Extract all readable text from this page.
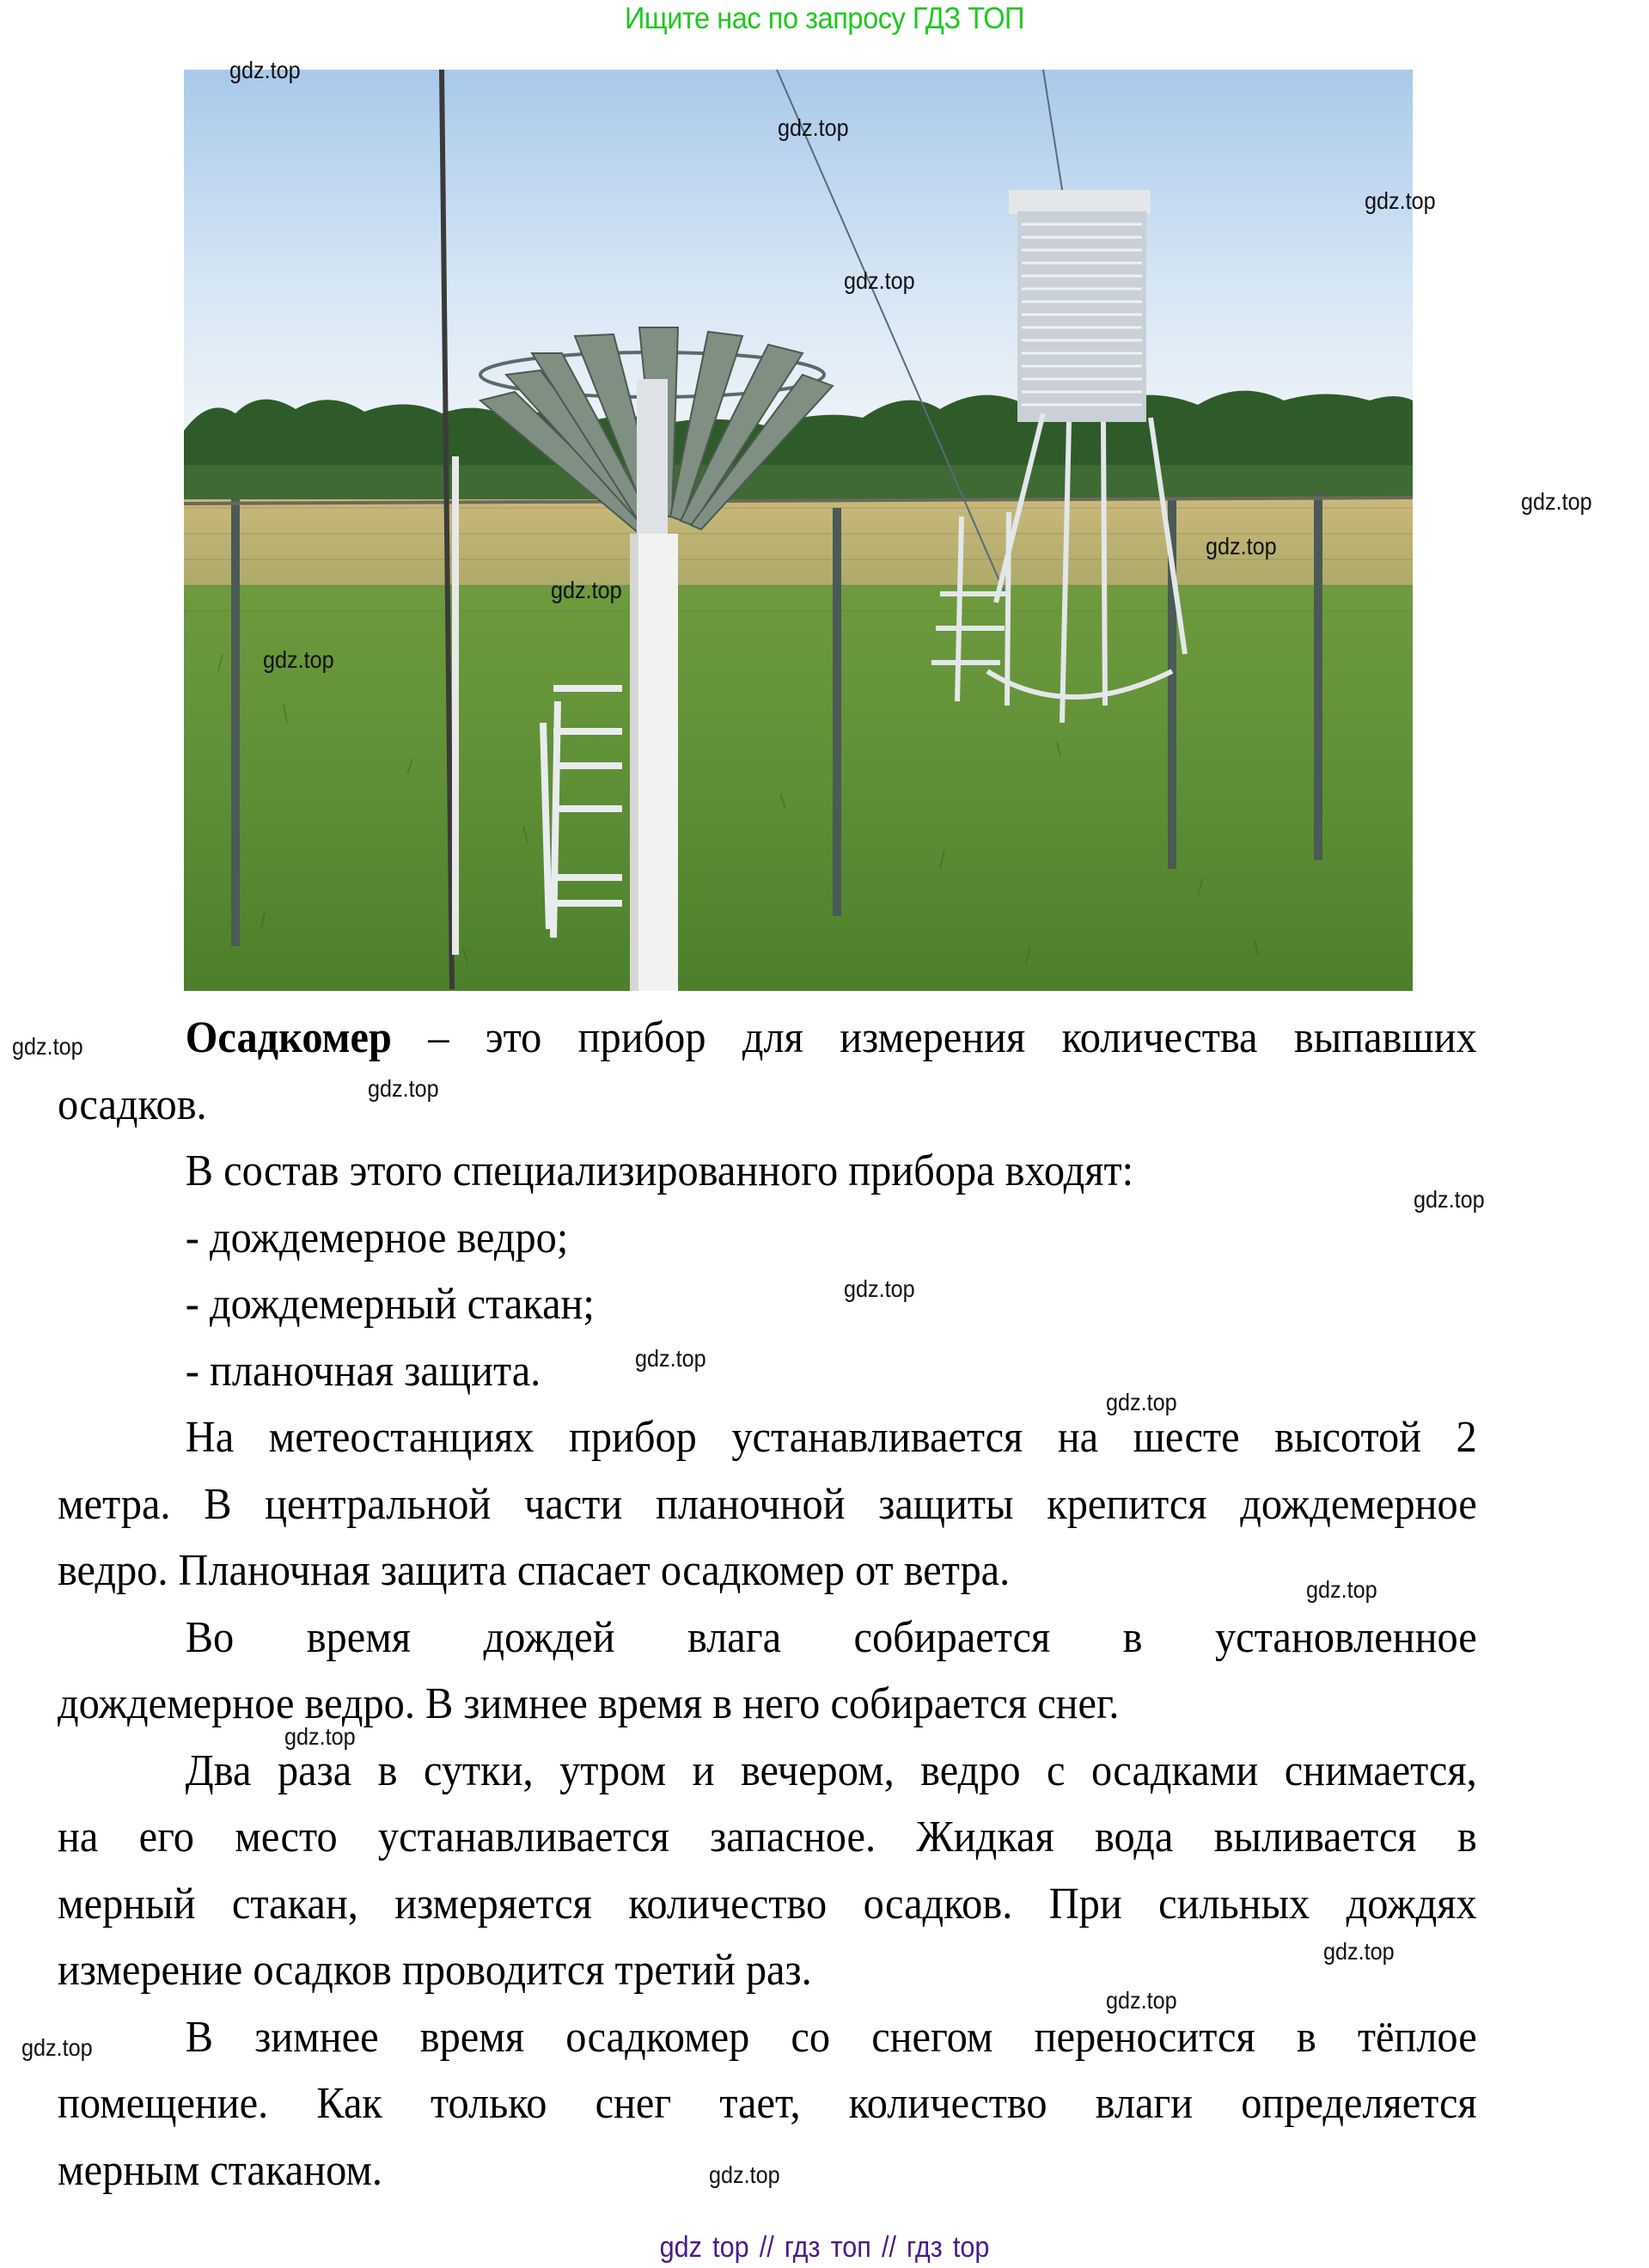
Ищите нас по запросу ГДЗ ТОП
Осадкомер – это прибор для измерения количества выпавших
осадков.
В состав этого специализированного прибора входят:
- дождемерное ведро;
- дождемерный стакан;
- планочная защита.
На метеостанциях прибор устанавливается на шесте высотой 2
метра. В центральной части планочной защиты крепится дождемерное
ведро. Планочная защита спасает осадкомер от ветра.
Во время дождей влага собирается в установленное
дождемерное ведро. В зимнее время в него собирается снег.
Два раза в сутки, утром и вечером, ведро с осадками снимается,
на его место устанавливается запасное. Жидкая вода выливается в
мерный стакан, измеряется количество осадков. При сильных дождях
измерение осадков проводится третий раз.
В зимнее время осадкомер со снегом переносится в тёплое
помещение. Как только снег тает, количество влаги определяется
мерным стаканом.
gdz.top
gdz.top
gdz.top
gdz.top
gdz.top
gdz.top
gdz.top
gdz.top
gdz.top
gdz.top
gdz.top
gdz.top
gdz.top
gdz.top
gdz.top
gdz.top
gdz.top
gdz.top
gdz.top
gdz.top
gdz top // гдз топ // гдз top
